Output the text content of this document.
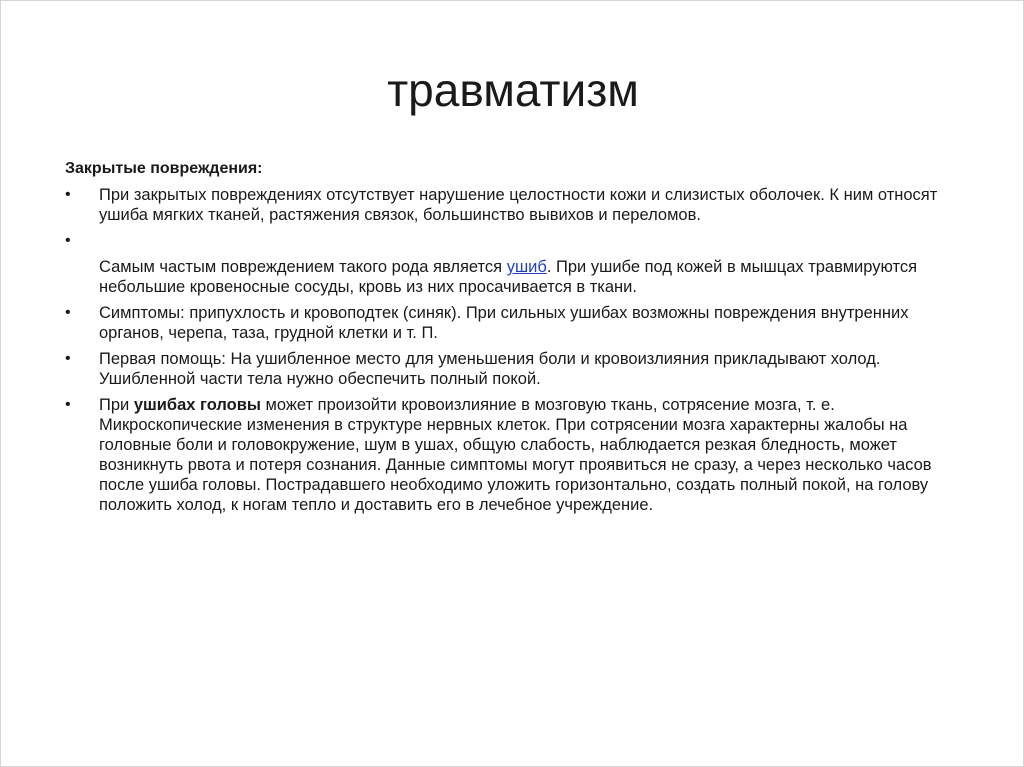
травматизм
Закрытые повреждения:
•	При закрытых повреждениях отсутствует нарушение целостности кожи и слизистых оболочек. К ним относят ушиба мягких тканей, растяжения связок, большинство вывихов и переломов.
•
Самым частым повреждением такого рода является ушиб. При ушибе под кожей в мышцах травмируются небольшие кровеносные сосуды, кровь из них просачивается в ткани.
•	Симптомы: припухлость и кровоподтек (синяк). При сильных ушибах возможны повреждения внутренних органов, черепа, таза, грудной клетки и т. П.
•	Первая помощь: На ушибленное место для уменьшения боли и кровоизлияния прикладывают холод. Ушибленной части тела нужно обеспечить полный покой.
•	При ушибах головы может произойти кровоизлияние в мозговую ткань, сотрясение мозга, т. е. Микроскопические изменения в структуре нервных клеток. При сотрясении мозга характерны жалобы на головные боли и головокружение, шум в ушах, общую слабость, наблюдается резкая бледность, может возникнуть рвота и потеря сознания. Данные симптомы могут проявиться не сразу, а через несколько часов после ушиба головы. Пострадавшего необходимо уложить горизонтально, создать полный покой, на голову положить холод, к ногам тепло и доставить его в лечебное учреждение.
